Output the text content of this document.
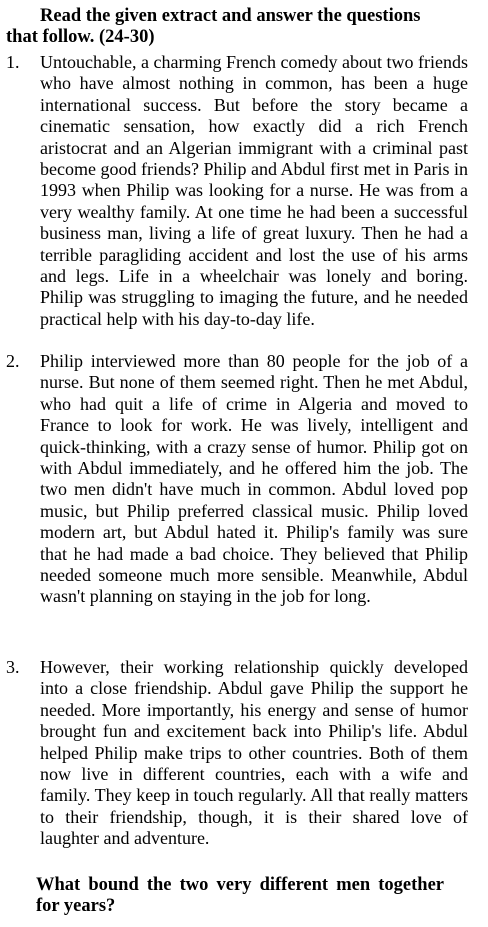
Read the given extract and answer the questions
that follow. (24-30)
1.	Untouchable, a charming French comedy about two friends who have almost nothing in common, has been a huge international success. But before the story became a cinematic sensation, how exactly did a rich French aristocrat and an Algerian immigrant with a criminal past become good friends? Philip and Abdul first met in Paris in 1993 when Philip was looking for a nurse. He was from a very wealthy family. At one time he had been a successful business man, living a life of great luxury. Then he had a terrible paragliding accident and lost the use of his arms and legs. Life in a wheelchair was lonely and boring. Philip was struggling to imaging the future, and he needed practical help with his day-to-day life.
2.	Philip interviewed more than 80 people for the job of a nurse. But none of them seemed right. Then he met Abdul, who had quit a life of crime in Algeria and moved to France to look for work. He was lively, intelligent and quick-thinking, with a crazy sense of humor. Philip got on with Abdul immediately, and he offered him the job. The two men didn't have much in common. Abdul loved pop music, but Philip preferred classical music. Philip loved modern art, but Abdul hated it. Philip's family was sure that he had made a bad choice. They believed that Philip needed someone much more sensible. Meanwhile, Abdul wasn't planning on staying in the job for long.
3.	However, their working relationship quickly developed into a close friendship. Abdul gave Philip the support he needed. More importantly, his energy and sense of humor brought fun and excitement back into Philip's life. Abdul helped Philip make trips to other countries. Both of them now live in different countries, each with a wife and family. They keep in touch regularly. All that really matters to their friendship, though, it is their shared love of laughter and adventure.
What bound the two very different men together for years?
